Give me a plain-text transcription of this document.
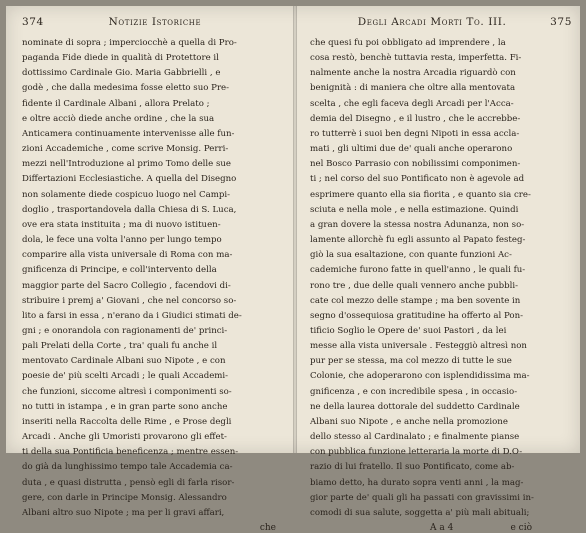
374	Notizie Istoriche
nominate di sopra ; imperciocchè a quella di Pro-
paganda Fide diede in qualità di Protettore il
dottissimo Cardinale Gio. Maria Gabbrielli , e
godè , che dalla medesima fosse eletto suo Pre-
fidente il Cardinale Albani , allora Prelato ;
e oltre acciò diede anche ordine , che la sua
Anticamera continuamente intervenisse alle fun-
zioni Accademiche , come scrive Monsig. Perri-
mezzi nell'Introduzione al primo Tomo delle sue
Differtazioni Ecclesiastiche. A quella del Disegno
non solamente diede cospicuo luogo nel Campi-
doglio , trasportandovela dalla Chiesa di S. Luca,
ove era stata instituita ; ma di nuovo istituen-
dola, le fece una volta l'anno per lungo tempo
comparire alla vista universale di Roma con ma-
gnificenza di Principe, e coll'intervento della
maggior parte del Sacro Collegio , facendovi di-
stribuire i premj a' Giovani , che nel concorso so-
lito a farsi in essa , n'erano da i Giudici stimati de-
gni ; e onorandola con ragionamenti de' princi-
pali Prelati della Corte , tra' quali fu anche il
mentovato Cardinale Albani suo Nipote , e con
poesie de' più scelti Arcadi ; le quali Accademi-
che funzioni, siccome altresì i componimenti so-
no tutti in istampa , e in gran parte sono anche
inseriti nella Raccolta delle Rime , e Prose degli
Arcadi . Anche gli Umoristi provarono gli effet-
ti della sua Pontificia beneficenza ; mentre essen-
do già da lunghissimo tempo tale Accademia ca-
duta , e quasi distrutta , pensò egli di farla risor-
gere, con darle in Principe Monsig. Alessandro
Albani altro suo Nipote ; ma per li gravi affari,
che
Degli Arcadi Morti To. III.	375
che quesi fu poi obbligato ad imprendere , la
cosa restò, benchè tuttavia resta, imperfetta. Fi-
nalmente anche la nostra Arcadia riguardò con
benignità : di maniera che oltre alla mentovata
scelta , che egli faceva degli Arcadi per l'Acca-
demia del Disegno , e il lustro , che le accrebbe-
ro tutterrè i suoi ben degni Nipoti in essa accla-
mati , gli ultimi due de' quali anche operarono
nel Bosco Parrasio con nobilissimi componimen-
ti ; nel corso del suo Pontificato non è agevole ad
esprimere quanto ella sia fiorita , e quanto sia cre-
sciuta e nella mole , e nella estimazione. Quindi
a gran dovere la stessa nostra Adunanza, non so-
lamente allorchè fu egli assunto al Papato festeg-
giò la sua esaltazione, con quante funzioni Ac-
cademiche furono fatte in quell'anno , le quali fu-
rono tre , due delle quali vennero anche pubbli-
cate col mezzo delle stampe ; ma ben sovente in
segno d'ossequiosa gratitudine ha offerto al Pon-
tificio Soglio le Opere de' suoi Pastori , da lei
messe alla vista universale . Festeggiò altresì non
pur per se stessa, ma col mezzo di tutte le sue
Colonie, che adoperarono con isplendidissima ma-
gnificenza , e con incredibile spesa , in occasio-
ne della laurea dottorale del suddetto Cardinale
Albani suo Nipote , e anche nella promozione
dello stesso al Cardinalato ; e finalmente pianse
con pubblica funzione letteraria la morte di D.O-
razio di lui fratello. Il suo Pontificato, come ab-
biamo detto, ha durato sopra venti anni , la mag-
gior parte de' quali gli ha passati con gravissimi in-
comodi di sua salute, soggetta a' più mali abituali;
A a 4	e ciò
